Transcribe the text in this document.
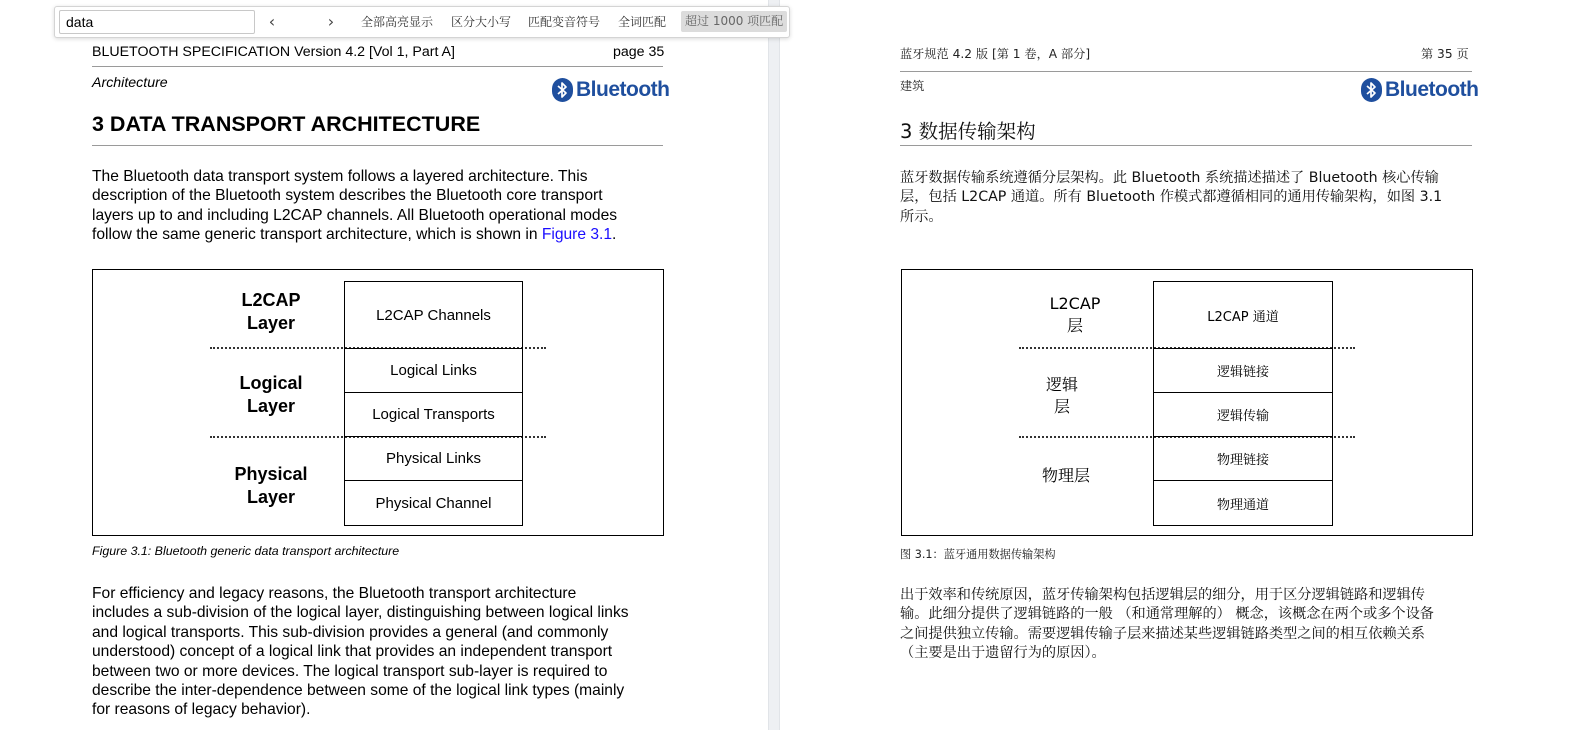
data
‹	›	全部高亮显示 区分大小写 匹配变音符号 全词匹配	超过 1000 项匹配
BLUETOOTH SPECIFICATION Version 4.2 [Vol 1, Part A]	page 35
Architecture	Bluetooth
3 DATA TRANSPORT ARCHITECTURE
The Bluetooth data transport system follows a layered architecture. This
description of the Bluetooth system describes the Bluetooth core transport
layers up to and including L2CAP channels. All Bluetooth operational modes
follow the same generic transport architecture, which is shown in Figure 3.1.
L2CAP
Layer
Logical
Layer
Physical
Layer
L2CAP Channels
Logical Links
Logical Transports
Physical Links
Physical Channel
Figure 3.1: Bluetooth generic data transport architecture
For efficiency and legacy reasons, the Bluetooth transport architecture
includes a sub-division of the logical layer, distinguishing between logical links
and logical transports. This sub-division provides a general (and commonly
understood) concept of a logical link that provides an independent transport
between two or more devices. The logical transport sub-layer is required to
describe the inter-dependence between some of the logical link types (mainly
for reasons of legacy behavior).
蓝牙规范 4.2 版 [第 1 卷，A 部分]	第 35 页
建筑	Bluetooth
3 数据传输架构
蓝牙数据传输系统遵循分层架构。此 Bluetooth 系统描述描述了 Bluetooth 核心传输
层，包括 L2CAP 通道。所有 Bluetooth 作模式都遵循相同的通用传输架构，如图 3.1
所示。
L2CAP
层
逻辑
层
物理层
L2CAP 通道
逻辑链接
逻辑传输
物理链接
物理通道
图 3.1：蓝牙通用数据传输架构
出于效率和传统原因，蓝牙传输架构包括逻辑层的细分，用于区分逻辑链路和逻辑传
输。此细分提供了逻辑链路的一般 （和通常理解的） 概念，该概念在两个或多个设备
之间提供独立传输。需要逻辑传输子层来描述某些逻辑链路类型之间的相互依赖关系
（主要是出于遗留行为的原因）。
